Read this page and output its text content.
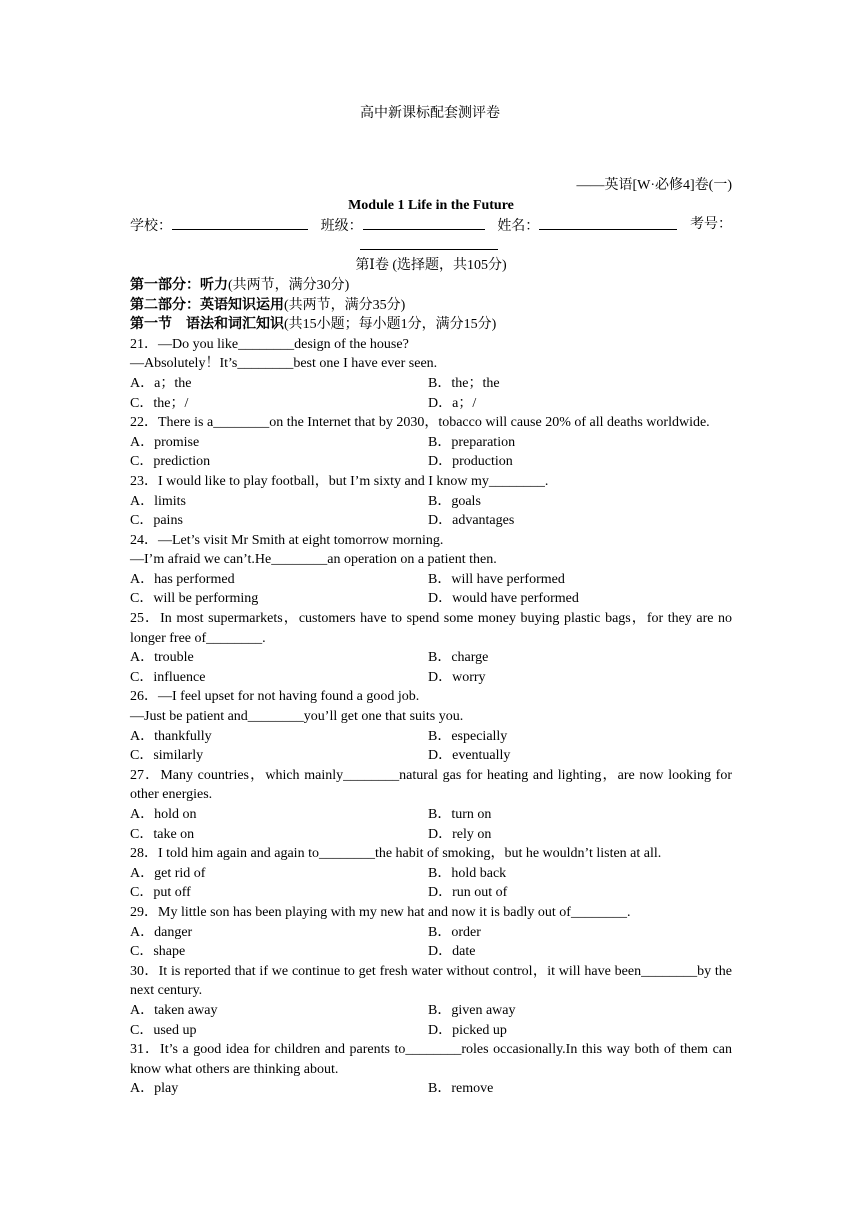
高中新课标配套测评卷
——英语[W·必修4]卷(一)
Module 1 Life in the Future
学校：	班级：	姓名：	考号：
第Ⅰ卷 (选择题，共105分)
第一部分：听力(共两节，满分30分)
第二部分：英语知识运用(共两节，满分35分)
第一节　语法和词汇知识(共15小题；每小题1分，满分15分)
21．—Do you like________design of the house?
—Absolutely！It’s________best one I have ever seen.
A．a；the	B．the；the
C．the；/	D．a；/
22．There is a________on the Internet that by 2030，tobacco will cause 20% of all deaths worldwide.
A．promise	B．preparation
C．prediction	D．production
23．I would like to play football，but I’m sixty and I know my________.
A．limits	B．goals
C．pains	D．advantages
24．—Let’s visit Mr Smith at eight tomorrow morning.
—I’m afraid we can’t.He________an operation on a patient then.
A．has performed	B．will have performed
C．will be performing	D．would have performed
25．In most supermarkets，customers have to spend some money buying plastic bags，for they are no longer free of________.
A．trouble	B．charge
C．influence	D．worry
26．—I feel upset for not having found a good job.
—Just be patient and________you’ll get one that suits you.
A．thankfully	B．especially
C．similarly	D．eventually
27．Many countries，which mainly________natural gas for heating and lighting，are now looking for other energies.
A．hold on	B．turn on
C．take on	D．rely on
28．I told him again and again to________the habit of smoking，but he wouldn’t listen at all.
A．get rid of	B．hold back
C．put off	D．run out of
29．My little son has been playing with my new hat and now it is badly out of________.
A．danger	B．order
C．shape	D．date
30．It is reported that if we continue to get fresh water without control，it will have been________by the next century.
A．taken away	B．given away
C．used up	D．picked up
31．It’s a good idea for children and parents to________roles occasionally.In this way both of them can know what others are thinking about.
A．play	B．remove
